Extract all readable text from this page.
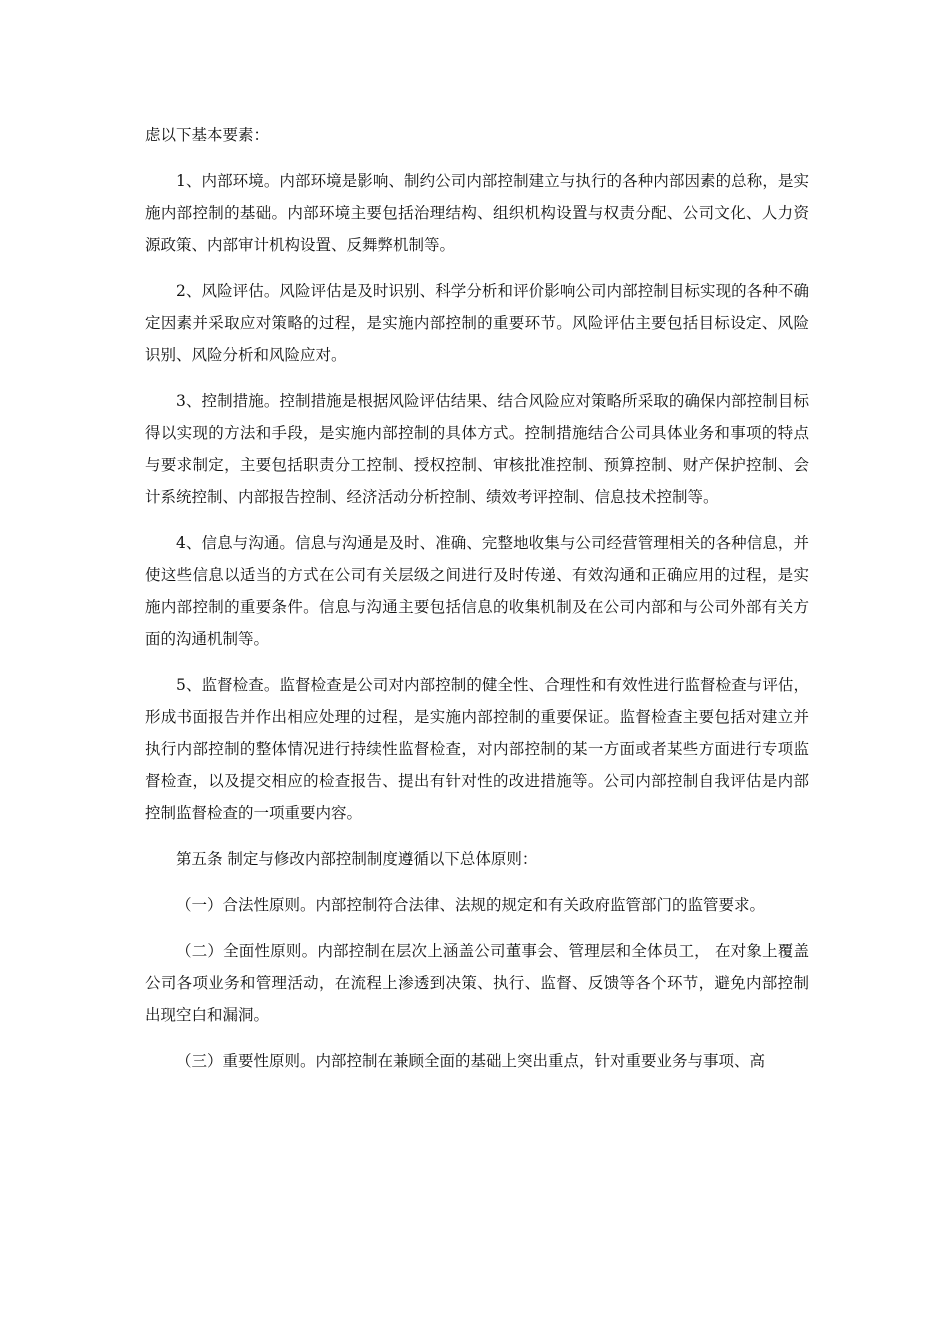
虑以下基本要素：

1、内部环境。内部环境是影响、制约公司内部控制建立与执行的各种内部因素的总称，是实施内部控制的基础。内部环境主要包括治理结构、组织机构设置与权责分配、公司文化、人力资源政策、内部审计机构设置、反舞弊机制等。

2、风险评估。风险评估是及时识别、科学分析和评价影响公司内部控制目标实现的各种不确定因素并采取应对策略的过程，是实施内部控制的重要环节。风险评估主要包括目标设定、风险识别、风险分析和风险应对。

3、控制措施。控制措施是根据风险评估结果、结合风险应对策略所采取的确保内部控制目标得以实现的方法和手段，是实施内部控制的具体方式。控制措施结合公司具体业务和事项的特点与要求制定，主要包括职责分工控制、授权控制、审核批准控制、预算控制、财产保护控制、会计系统控制、内部报告控制、经济活动分析控制、绩效考评控制、信息技术控制等。

4、信息与沟通。信息与沟通是及时、准确、完整地收集与公司经营管理相关的各种信息，并使这些信息以适当的方式在公司有关层级之间进行及时传递、有效沟通和正确应用的过程，是实施内部控制的重要条件。信息与沟通主要包括信息的收集机制及在公司内部和与公司外部有关方面的沟通机制等。

5、监督检查。监督检查是公司对内部控制的健全性、合理性和有效性进行监督检查与评估，形成书面报告并作出相应处理的过程，是实施内部控制的重要保证。监督检查主要包括对建立并执行内部控制的整体情况进行持续性监督检查，对内部控制的某一方面或者某些方面进行专项监督检查，以及提交相应的检查报告、提出有针对性的改进措施等。公司内部控制自我评估是内部控制监督检查的一项重要内容。

第五条 制定与修改内部控制制度遵循以下总体原则：

（一）合法性原则。内部控制符合法律、法规的规定和有关政府监管部门的监管要求。

（二）全面性原则。内部控制在层次上涵盖公司董事会、管理层和全体员工， 在对象上覆盖公司各项业务和管理活动，在流程上渗透到决策、执行、监督、反馈等各个环节，避免内部控制出现空白和漏洞。

（三）重要性原则。内部控制在兼顾全面的基础上突出重点，针对重要业务与事项、高
